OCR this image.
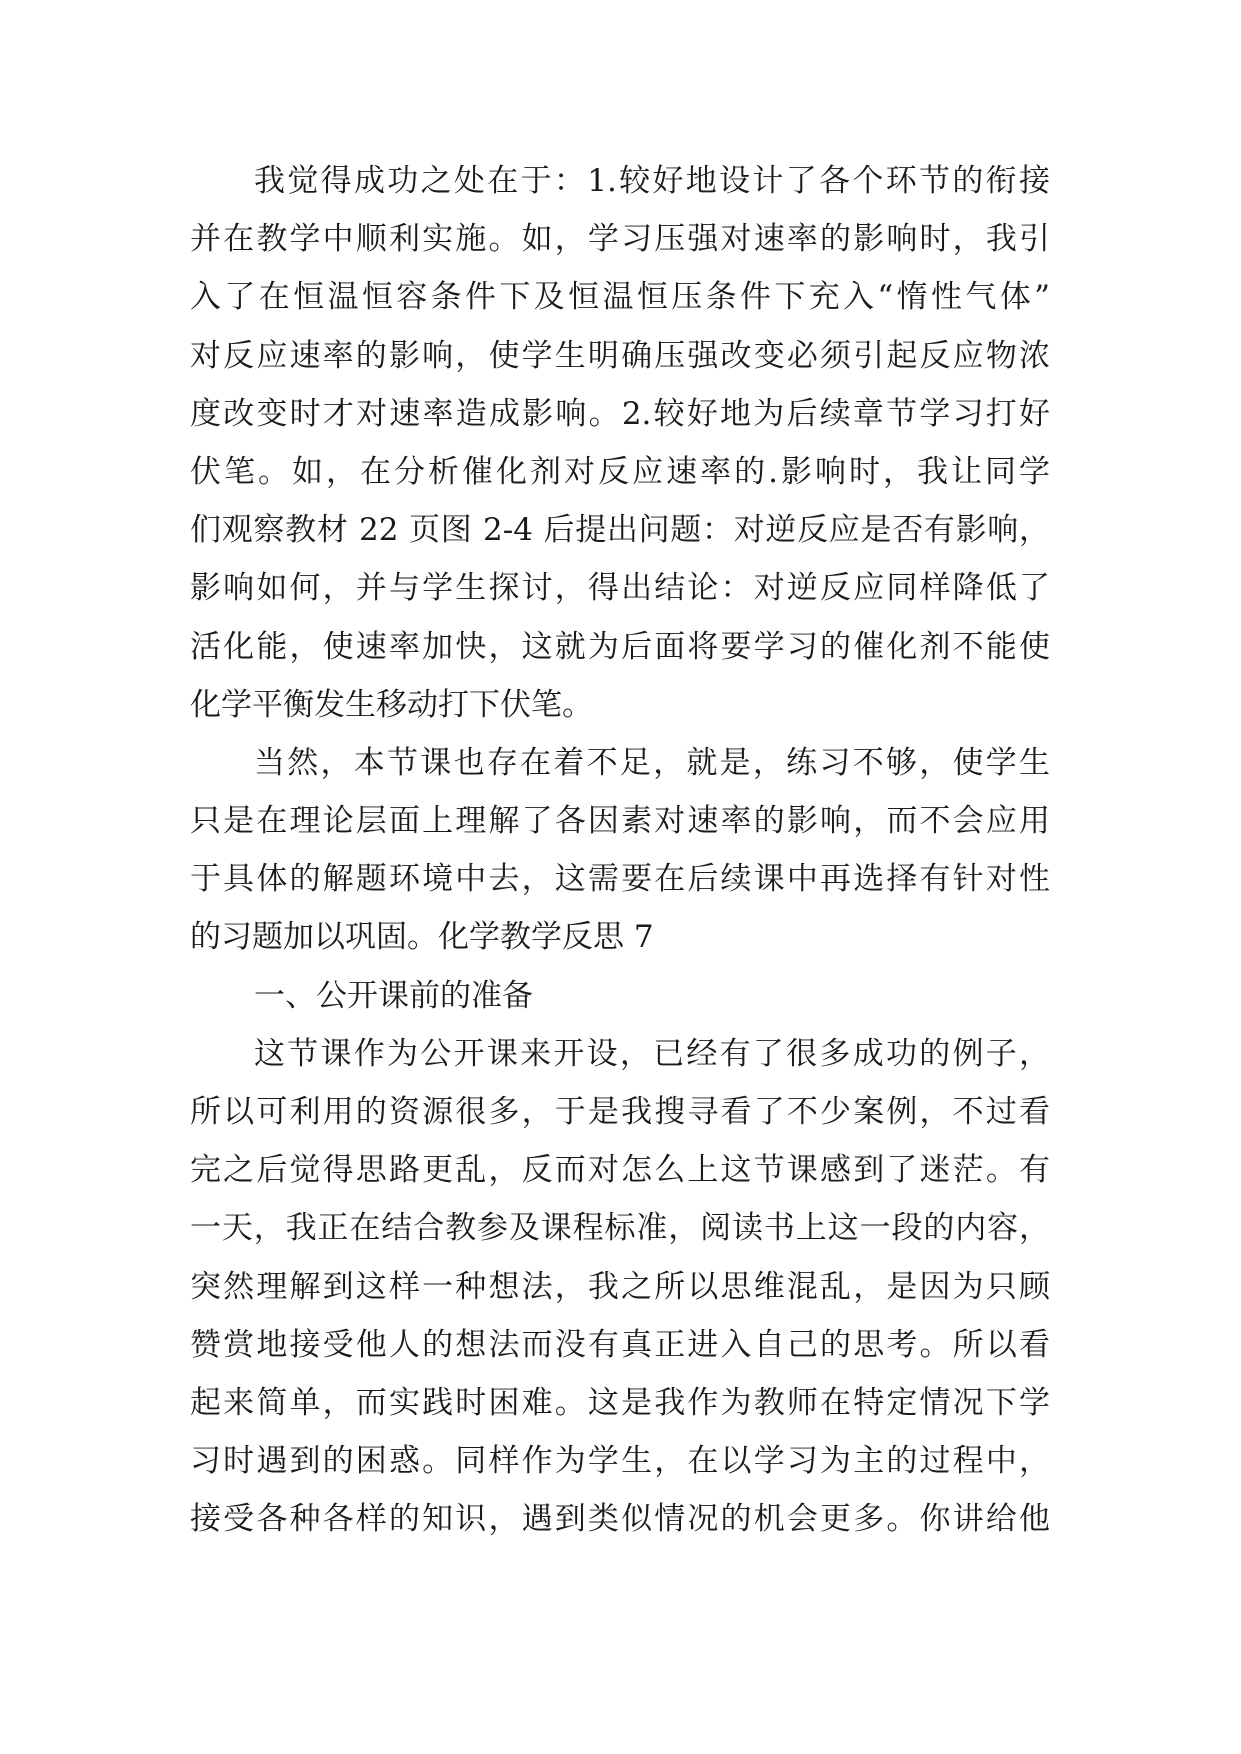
我觉得成功之处在于：1.较好地设计了各个环节的衔接
并在教学中顺利实施。如，学习压强对速率的影响时，我引
入了在恒温恒容条件下及恒温恒压条件下充入“惰性气体”
对反应速率的影响，使学生明确压强改变必须引起反应物浓
度改变时才对速率造成影响。2.较好地为后续章节学习打好
伏笔。如，在分析催化剂对反应速率的.影响时，我让同学
们观察教材 22 页图 2-4 后提出问题：对逆反应是否有影响，
影响如何，并与学生探讨，得出结论：对逆反应同样降低了
活化能，使速率加快，这就为后面将要学习的催化剂不能使
化学平衡发生移动打下伏笔。
当然，本节课也存在着不足，就是，练习不够，使学生
只是在理论层面上理解了各因素对速率的影响，而不会应用
于具体的解题环境中去，这需要在后续课中再选择有针对性
的习题加以巩固。化学教学反思 7
一、公开课前的准备
这节课作为公开课来开设，已经有了很多成功的例子，
所以可利用的资源很多，于是我搜寻看了不少案例，不过看
完之后觉得思路更乱，反而对怎么上这节课感到了迷茫。有
一天，我正在结合教参及课程标准，阅读书上这一段的内容，
突然理解到这样一种想法，我之所以思维混乱，是因为只顾
赞赏地接受他人的想法而没有真正进入自己的思考。所以看
起来简单，而实践时困难。这是我作为教师在特定情况下学
习时遇到的困惑。同样作为学生，在以学习为主的过程中，
接受各种各样的知识，遇到类似情况的机会更多。你讲给他
